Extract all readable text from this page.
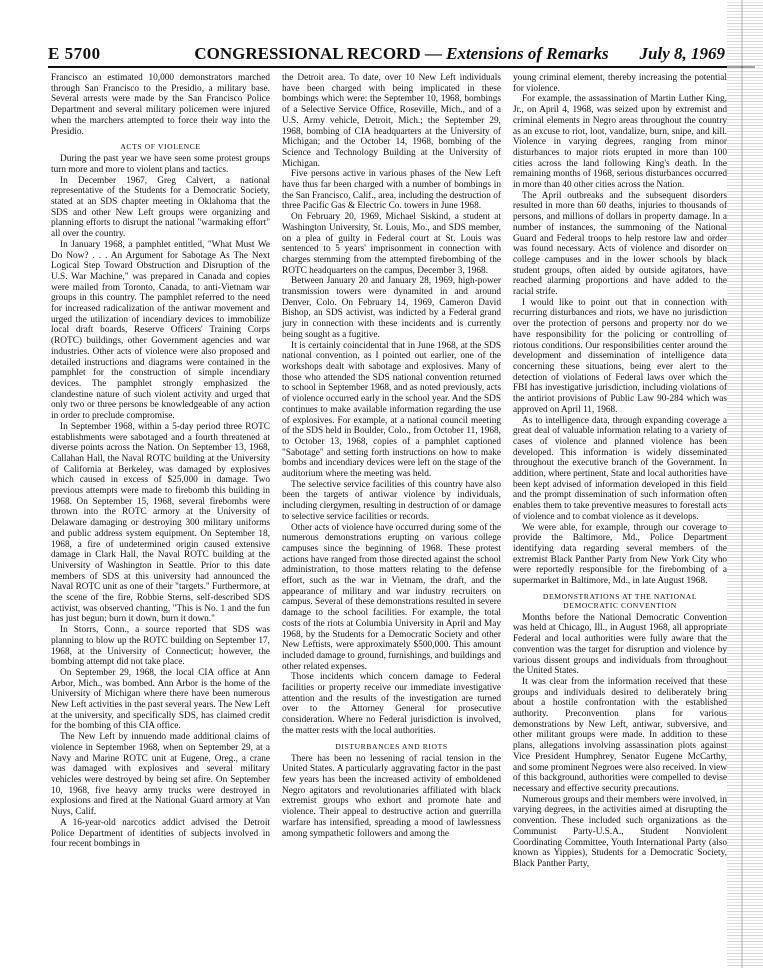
E 5700	CONGRESSIONAL RECORD — Extensions of Remarks	July 8, 1969

Francisco an estimated 10,000 demonstrators marched through San Francisco to the Presidio, a military base. Several arrests were made by the San Francisco Police Department and several military policemen were injured when the marchers attempted to force their way into the Presidio.

ACTS OF VIOLENCE

During the past year we have seen some protest groups turn more and more to violent plans and tactics.

In December 1967, Greg Calvert, a national representative of the Students for a Democratic Society, stated at an SDS chapter meeting in Oklahoma that the SDS and other New Left groups were organizing and planning efforts to disrupt the national "warmaking effort" all over the country.

In January 1968, a pamphlet entitled, "What Must We Do Now? . . . An Argument for Sabotage As The Next Logical Step Toward Obstruction and Disruption of the U.S. War Machine," was prepared in Canada and copies were mailed from Toronto, Canada, to anti-Vietnam war groups in this country. The pamphlet referred to the need for increased radicalization of the antiwar movement and urged the utilization of incendiary devices to immobilize local draft boards, Reserve Officers' Training Corps (ROTC) buildings, other Government agencies and war industries. Other acts of violence were also proposed and detailed instructions and diagrams were contained in the pamphlet for the construction of simple incendiary devices. The pamphlet strongly emphasized the clandestine nature of such violent activity and urged that only two or three persons be knowledgeable of any action in order to preclude compromise.

In September 1968, within a 5-day period three ROTC establishments were sabotaged and a fourth threatened at diverse points across the Nation. On September 13, 1968, Callahan Hall, the Naval ROTC building at the University of California at Berkeley, was damaged by explosives which caused in excess of $25,000 in damage. Two previous attempts were made to firebomb this building in 1968. On September 15, 1968, several firebombs were thrown into the ROTC armory at the University of Delaware damaging or destroying 300 military uniforms and public address system equipment. On September 18, 1968, a fire of undetermined origin caused extensive damage in Clark Hall, the Naval ROTC building at the University of Washington in Seattle. Prior to this date members of SDS at this university had announced the Naval ROTC unit as one of their "targets." Furthermore, at the scene of the fire, Robbie Sterns, self-described SDS activist, was observed chanting, "This is No. 1 and the fun has just begun; burn it down, burn it down."

In Storrs, Conn., a source reported that SDS was planning to blow up the ROTC building on September 17, 1968, at the University of Connecticut; however, the bombing attempt did not take place.

On September 29, 1968, the local CIA office at Ann Arbor, Mich., was bombed. Ann Arbor is the home of the University of Michigan where there have been numerous New Left activities in the past several years. The New Left at the university, and specifically SDS, has claimed credit for the bombing of this CIA office.

The New Left by innuendo made additional claims of violence in September 1968, when on September 29, at a Navy and Marine ROTC unit at Eugene, Oreg., a crane was damaged with explosives and several military vehicles were destroyed by being set afire. On September 10, 1968, five heavy army trucks were destroyed in explosions and fired at the National Guard armory at Van Nuys, Calif.

A 16-year-old narcotics addict advised the Detroit Police Department of identities of subjects involved in four recent bombings in

the Detroit area. To date, over 10 New Left individuals have been charged with being implicated in these bombings which were: the September 10, 1968, bombings of a Selective Service Office, Roseville, Mich., and of a U.S. Army vehicle, Detroit, Mich.; the September 29, 1968, bombing of CIA headquarters at the University of Michigan; and the October 14, 1968, bombing of the Science and Technology Building at the University of Michigan.

Five persons active in various phases of the New Left have thus far been charged with a number of bombings in the San Francisco, Calif., area, including the destruction of three Pacific Gas & Electric Co. towers in June 1968.

On February 20, 1969, Michael Siskind, a student at Washington University, St. Louis, Mo., and SDS member, on a plea of guilty in Federal court at St. Louis was sentenced to 5 years' imprisonment in connection with charges stemming from the attempted firebombing of the ROTC headquarters on the campus, December 3, 1968.

Between January 20 and January 28, 1969, high-power transmission towers were dynamited in and around Denver, Colo. On February 14, 1969, Cameron David Bishop, an SDS activist, was indicted by a Federal grand jury in connection with these incidents and is currently being sought as a fugitive.

It is certainly coincidental that in June 1968, at the SDS national convention, as I pointed out earlier, one of the workshops dealt with sabotage and explosives. Many of those who attended the SDS national convention returned to school in September 1968, and as noted previously, acts of violence occurred early in the school year. And the SDS continues to make available information regarding the use of explosives. For example, at a national council meeting of the SDS held in Boulder, Colo., from October 11, 1968, to October 13, 1968, copies of a pamphlet captioned "Sabotage" and setting forth instructions on how to make bombs and incendiary devices were left on the stage of the auditorium where the meeting was held.

The selective service facilities of this country have also been the targets of antiwar violence by individuals, including clergymen, resulting in destruction of or damage to selective service facilities or records.

Other acts of violence have occurred during some of the numerous demonstrations erupting on various college campuses since the beginning of 1968. These protest actions have ranged from those directed against the school administration, to those matters relating to the defense effort, such as the war in Vietnam, the draft, and the appearance of military and war industry recruiters on campus. Several of these demonstrations resulted in severe damage to the school facilities. For example, the total costs of the riots at Columbia University in April and May 1968, by the Students for a Democratic Society and other New Leftists, were approximately $500,000. This amount included damage to ground, furnishings, and buildings and other related expenses.

Those incidents which concern damage to Federal facilities or property receive our immediate investigative attention and the results of the investigation are turned over to the Attorney General for prosecutive consideration. Where no Federal jurisdiction is involved, the matter rests with the local authorities.

DISTURBANCES AND RIOTS

There has been no lessening of racial tension in the United States. A particularly aggravating factor in the past few years has been the increased activity of emboldened Negro agitators and revolutionaries affiliated with black extremist groups who exhort and promote hate and violence. Their appeal to destructive action and guerrilla warfare has intensified, spreading a mood of lawlessness among sympathetic followers and among the

young criminal element, thereby increasing the potential for violence.

For example, the assassination of Martin Luther King, Jr., on April 4, 1968, was seized upon by extremist and criminal elements in Negro areas throughout the country as an excuse to riot, loot, vandalize, burn, snipe, and kill. Violence in varying degrees, ranging from minor disturbances to major riots erupted in more than 100 cities across the land following King's death. In the remaining months of 1968, serious disturbances occurred in more than 40 other cities across the Nation.

The April outbreaks and the subsequent disorders resulted in more than 60 deaths, injuries to thousands of persons, and millions of dollars in property damage. In a number of instances, the summoning of the National Guard and Federal troops to help restore law and order was found necessary. Acts of violence and disorder on college campuses and in the lower schools by black student groups, often aided by outside agitators, have reached alarming proportions and have added to the racial strife.

I would like to point out that in connection with recurring disturbances and riots, we have no jurisdiction over the protection of persons and property nor do we have responsibility for the policing or controlling of riotous conditions. Our responsibilities center around the development and dissemination of intelligence data concerning these situations, being ever alert to the detection of violations of Federal laws over which the FBI has investigative jurisdiction, including violations of the antiriot provisions of Public Law 90-284 which was approved on April 11, 1968.

As to intelligence data, through expanding coverage a great deal of valuable information relating to a variety of cases of violence and planned violence has been developed. This information is widely disseminated throughout the executive branch of the Government. In addition, where pertinent, State and local authorities have been kept advised of information developed in this field and the prompt dissemination of such information often enables them to take preventive measures to forestall acts of violence and to combat violence as it develops.

We were able, for example, through our coverage to provide the Baltimore, Md., Police Department identifying data regarding several members of the extremist Black Panther Party from New York City who were reportedly responsible for the firebombing of a supermarket in Baltimore, Md., in late August 1968.

DEMONSTRATIONS AT THE NATIONAL
DEMOCRATIC CONVENTION

Months before the National Democratic Convention was held at Chicago, Ill., in August 1968, all appropriate Federal and local authorities were fully aware that the convention was the target for disruption and violence by various dissent groups and individuals from throughout the United States.

It was clear from the information received that these groups and individuals desired to deliberately bring about a hostile confrontation with the established authority. Preconvention plans for various demonstrations by New Left, antiwar, subversive, and other militant groups were made. In addition to these plans, allegations involving assassination plots against Vice President Humphrey, Senator Eugene McCarthy, and some prominent Negroes were also received. In view of this background, authorities were compelled to devise necessary and effective security precautions.

Numerous groups and their members were involved, in varying degrees, in the activities aimed at disrupting the convention. These included such organizations as the Communist Party-U.S.A., Student Nonviolent Coordinating Committee, Youth International Party (also known as Yippies), Students for a Democratic Society, Black Panther Party,
